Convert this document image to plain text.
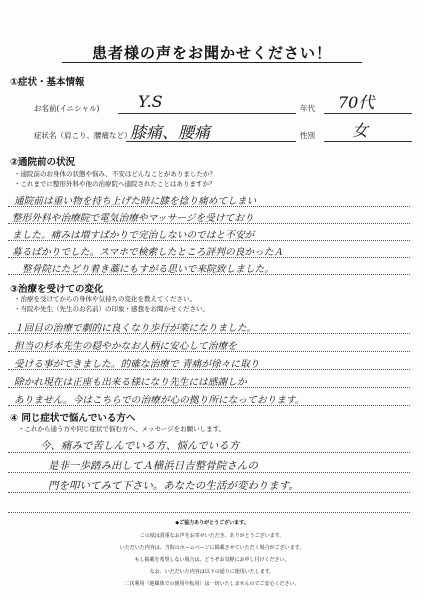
患者様の声をお聞かせください！
①症状・基本情報
お名前(イニシャル) Y.S	年代 70代
症状名（肩こり、腰痛など）
膝痛、腰痛	性別 女
②通院前の状況
・通院前のお身体の状態や悩み、不安はどんなことがありましたか？
・これまでに整形外科や他の治療院へ通院されたことはありますか？
通院前は重い物を持ち上げた時に膝を捻り痛めてしまい
整形外科や治療院で電気治療やマッサージを受けており
ました。痛みは増すばかりで完治しないのではと不安が
募るばかりでした。スマホで検索したところ評判の良かったＡ
整骨院にたどり着き藁にもすがる思いで来院致しました。
③治療を受けての変化
・治療を受けてからの身体や気持ちの変化を教えてください。
・当院や先生（先生のお名前）の印象・感想をお聞かせください。
１回目の治療で劇的に良くなり歩行が楽になりました。
担当の杉本先生の穏やかなお人柄に安心して治療を
受ける事ができました。的確な治療で 青痛が徐々に取り
除かれ現在は正座も出来る様になり先生には感謝しか
ありません。今はこちらでの治療が心の拠り所になっております。
④ 同じ症状で悩んでいる方へ
・これから通う方や同じ症状で悩む方へ、メッセージをお願いします。
今、痛みで苦しんでいる方、悩んでいる方
是非一歩踏み出してＡ横浜日吉整骨院さんの
門を叩いてみて下さい。あなたの生活が変わります。
◆ご協力ありがとうございます。
この度は貴重なお声をお寄せいただき、ありがとうございます。
いただいた内容は、当院のホームページに掲載させていただく場合がございます。
もし掲載を希望しない場合は、どうぞお気軽にお申し付けください。
なお、いただいた内容は以下の通りに使用いたします。
二次利用（他媒体での使用や転用）は一切いたしませんのでご安心ください。
